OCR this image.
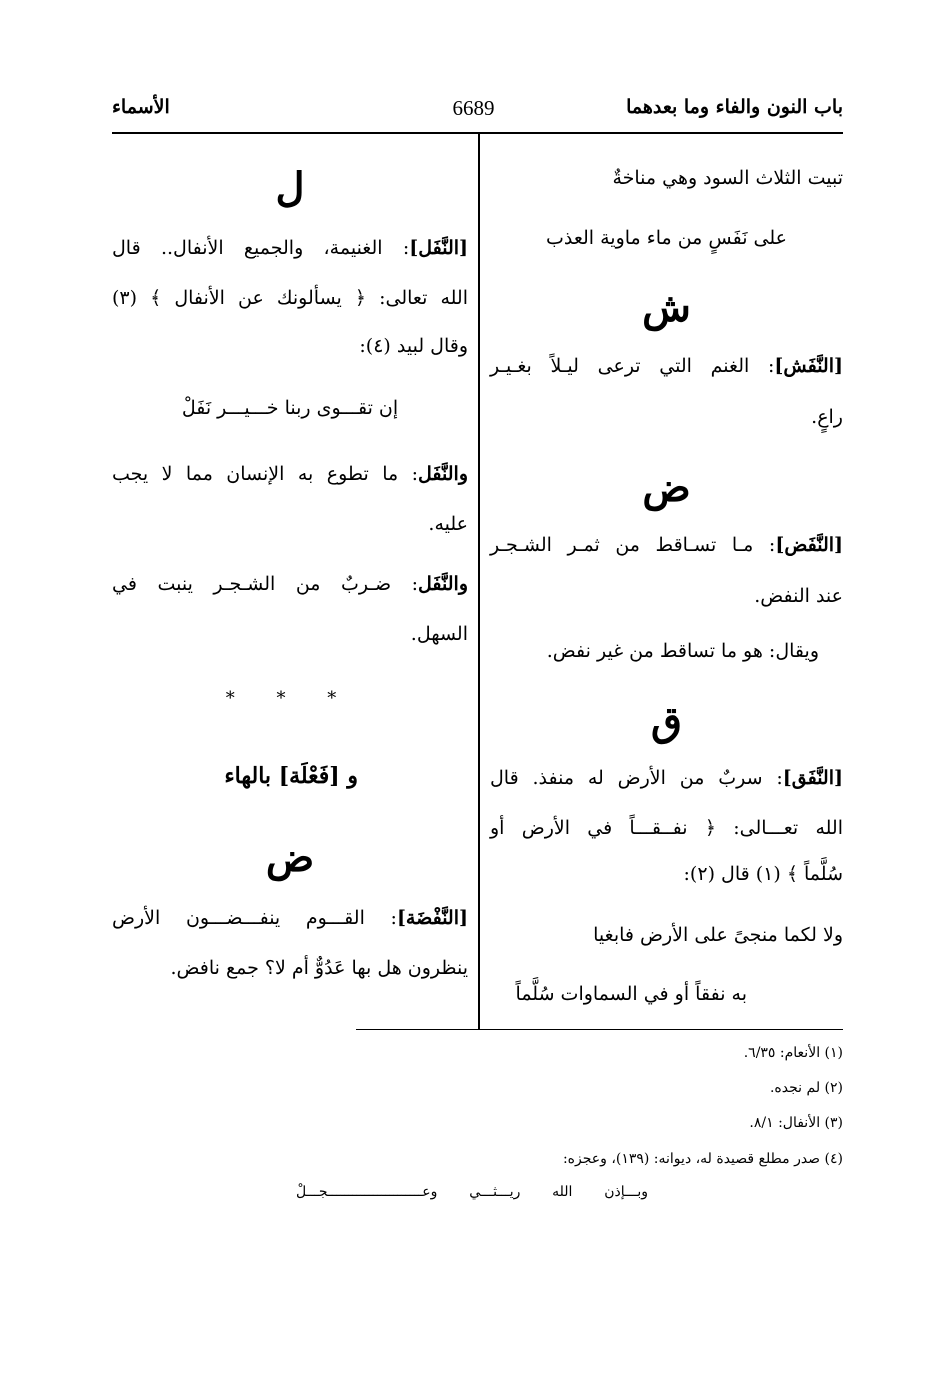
باب النون والفاء وما بعدهما
6689
الأسماء
تبيت الثلاث السود وهي مناخةٌ
على نَفَسٍ من ماء ماوية العذب
ش
[النَّفَش]: الغنم التي ترعى ليـلاً بغـيـر
راعٍ.
ض
[النَّفَض]: مـا تسـاقط من ثمـر الشـجـر
عند النفض.
ويقال: هو ما تساقط من غير نفض.
ق
[النَّفَق]: سربٌ من الأرض له منفذ. قال
الله تعـــالى: ﴿ نفــقـــاً في الأرض أو
سُلَّماً ﴾ (١) قال (٢):
ولا لكما منجىً على الأرض فابغيا
به نفقاً أو في السماوات سُلَّماً
ل
[النَّفَل]: الغنيمة، والجميع الأنفال.. قال
الله تعالى: ﴿ يسألونك عن الأنفال ﴾ (٣)
وقال لبيد (٤):
إن تقـــوى ربنا خـــيـــر نَفَلْ
والنَّفَل: ما تطوع به الإنسان مما لا يجب
عليه.
والنَّفَل: ضـربٌ من الشـجـر ينبت في
السهل.
* * *
و [فَعْلَة] بالهاء
ض
[النَّفْضَة]: القـــوم ينفـــضـــون الأرض
ينظرون هل بها عَدُوٌّ أم لا؟ جمع نافض.
(١) الأنعام: ٦/٣٥.
(٢) لم نجده.
(٣) الأنفال: ٨/١.
(٤) صدر مطلع قصيدة له، ديوانه: (١٣٩)، وعجزه:
وبـــإذن الله ريـــثـــي وعـــــــــــــــــــــــجـــلْ
